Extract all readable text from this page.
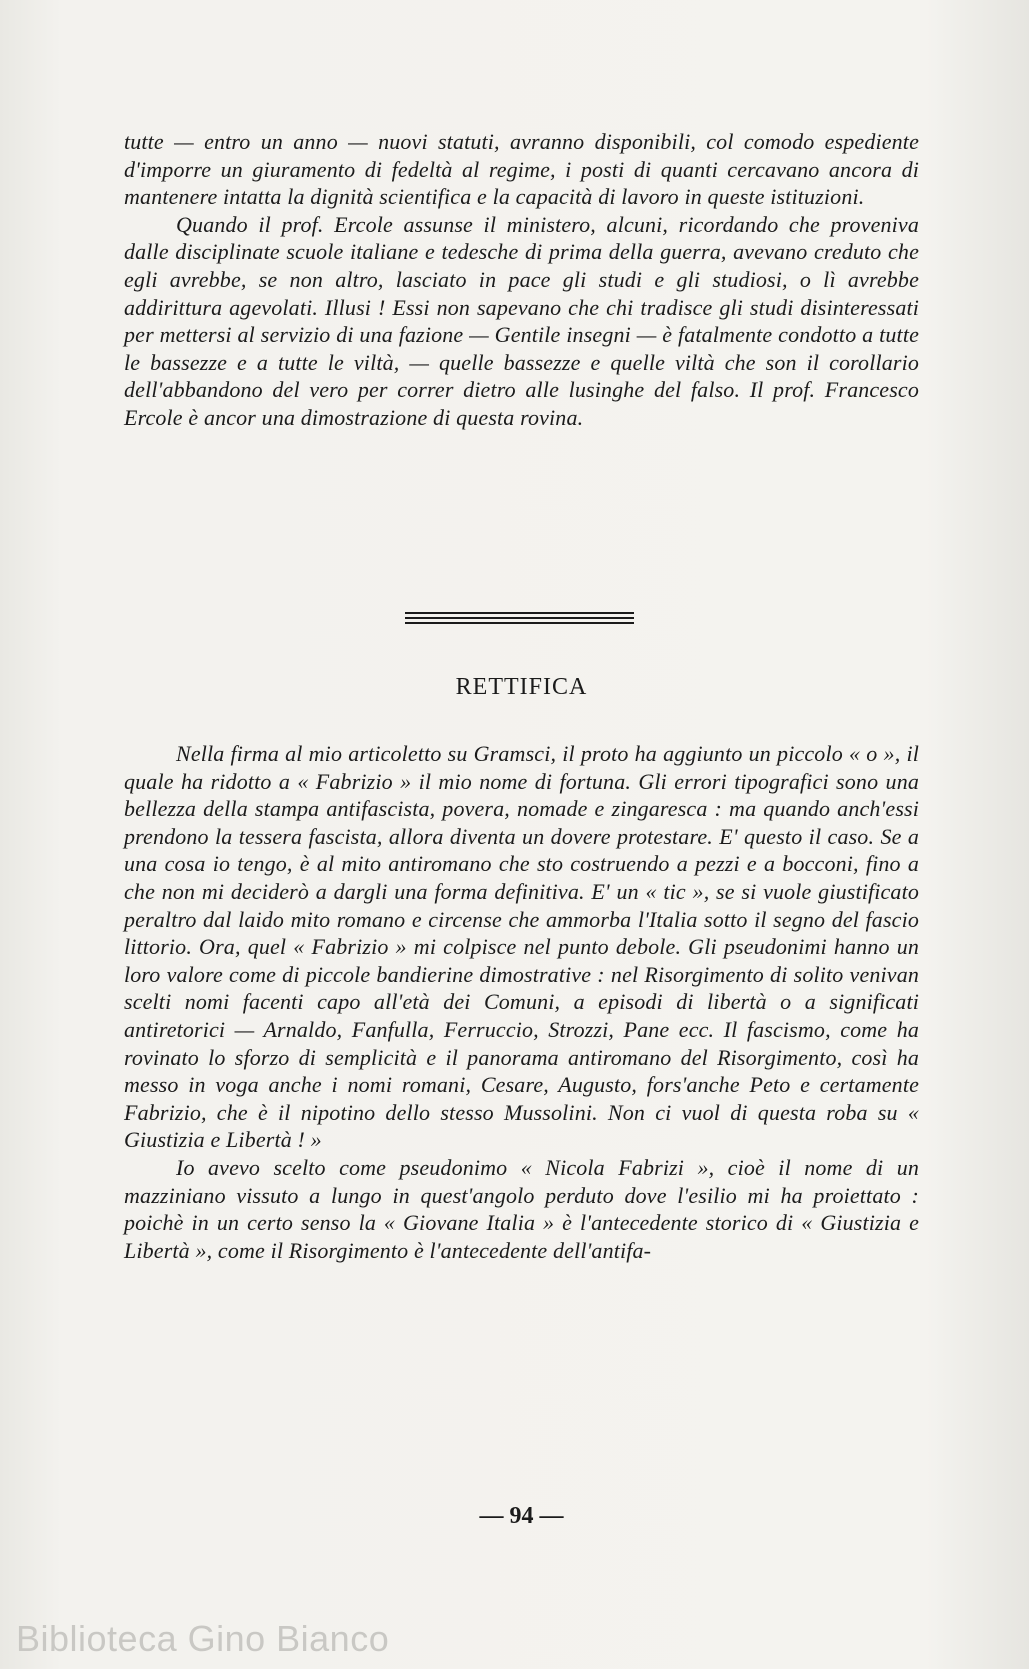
tutte — entro un anno — nuovi statuti, avranno disponibili, col comodo espediente d'imporre un giuramento di fedeltà al regime, i posti di quanti cercavano ancora di mantenere intatta la dignità scientifica e la capacità di lavoro in queste istituzioni.

Quando il prof. Ercole assunse il ministero, alcuni, ricordando che proveniva dalle disciplinate scuole italiane e tedesche di prima della guerra, avevano creduto che egli avrebbe, se non altro, lasciato in pace gli studi e gli studiosi, o lì avrebbe addirittura agevolati. Illusi ! Essi non sapevano che chi tradisce gli studi disinteressati per mettersi al servizio di una fazione — Gentile insegni — è fatalmente condotto a tutte le bassezze e a tutte le viltà, — quelle bassezze e quelle viltà che son il corollario dell'abbandono del vero per correr dietro alle lusinghe del falso. Il prof. Francesco Ercole è ancor una dimostrazione di questa rovina.

RETTIFICA

Nella firma al mio articoletto su Gramsci, il proto ha aggiunto un piccolo « o », il quale ha ridotto a « Fabrizio » il mio nome di fortuna. Gli errori tipografici sono una bellezza della stampa antifascista, povera, nomade e zingaresca : ma quando anch'essi prendono la tessera fascista, allora diventa un dovere protestare. E' questo il caso. Se a una cosa io tengo, è al mito antiromano che sto costruendo a pezzi e a bocconi, fino a che non mi deciderò a dargli una forma definitiva. E' un « tic », se si vuole giustificato peraltro dal laido mito romano e circense che ammorba l'Italia sotto il segno del fascio littorio. Ora, quel « Fabrizio » mi colpisce nel punto debole. Gli pseudonimi hanno un loro valore come di piccole bandierine dimostrative : nel Risorgimento di solito venivan scelti nomi facenti capo all'età dei Comuni, a episodi di libertà o a significati antiretorici — Arnaldo, Fanfulla, Ferruccio, Strozzi, Pane ecc. Il fascismo, come ha rovinato lo sforzo di semplicità e il panorama antiromano del Risorgimento, così ha messo in voga anche i nomi romani, Cesare, Augusto, fors'anche Peto e certamente Fabrizio, che è il nipotino dello stesso Mussolini. Non ci vuol di questa roba su « Giustizia e Libertà ! »

Io avevo scelto come pseudonimo « Nicola Fabrizi », cioè il nome di un mazziniano vissuto a lungo in quest'angolo perduto dove l'esilio mi ha proiettato : poichè in un certo senso la « Giovane Italia » è l'antecedente storico di « Giustizia e Libertà », come il Risorgimento è l'antecedente dell'antifa-

— 94 —
Biblioteca Gino Bianco
